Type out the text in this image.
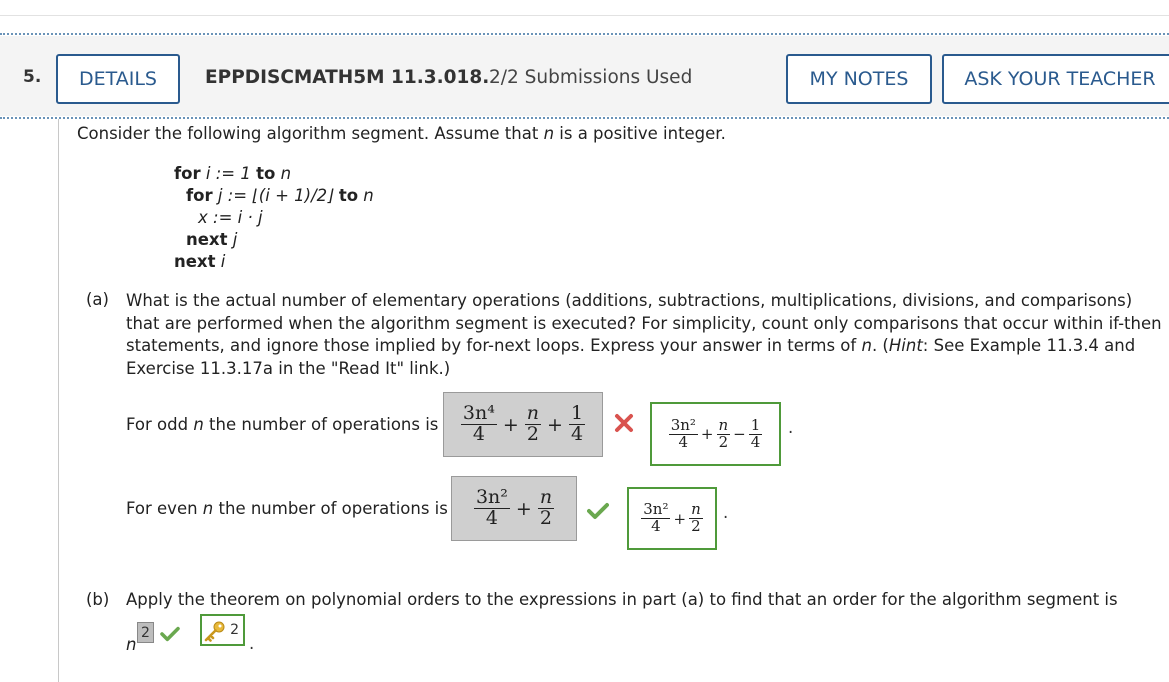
5.	DETAILS	EPPDISCMATH5M 11.3.018. 2/2 Submissions Used	MY NOTES	ASK YOUR TEACHER
Consider the following algorithm segment. Assume that n is a positive integer.
for i := 1 to n
for j := ⌊(i + 1)/2⌋ to n
x := i · j
next j
next i
(a) What is the actual number of elementary operations (additions, subtractions, multiplications, divisions, and comparisons) that are performed when the algorithm segment is executed? For simplicity, count only comparisons that occur within if-then statements, and ignore those implied by for-next loops. Express your answer in terms of n. (Hint: See Example 11.3.4 and Exercise 11.3.17a in the "Read It" link.)
For odd n the number of operations is $\frac{\text{3n⁴}}{4} + \frac{n}{2} + \frac{1}{4}$	$\frac{\text{3n²}}{4} + \frac{n}{2} - \frac{1}{4}$ .
For even n the number of operations is $\frac{\text{3n²}}{4} + \frac{n}{2}$	$\frac{\text{3n²}}{4} + \frac{n}{2}$ .
(b) Apply the theorem on polynomial orders to the expressions in part (a) to find that an order for the algorithm segment is
n
2	2
.
